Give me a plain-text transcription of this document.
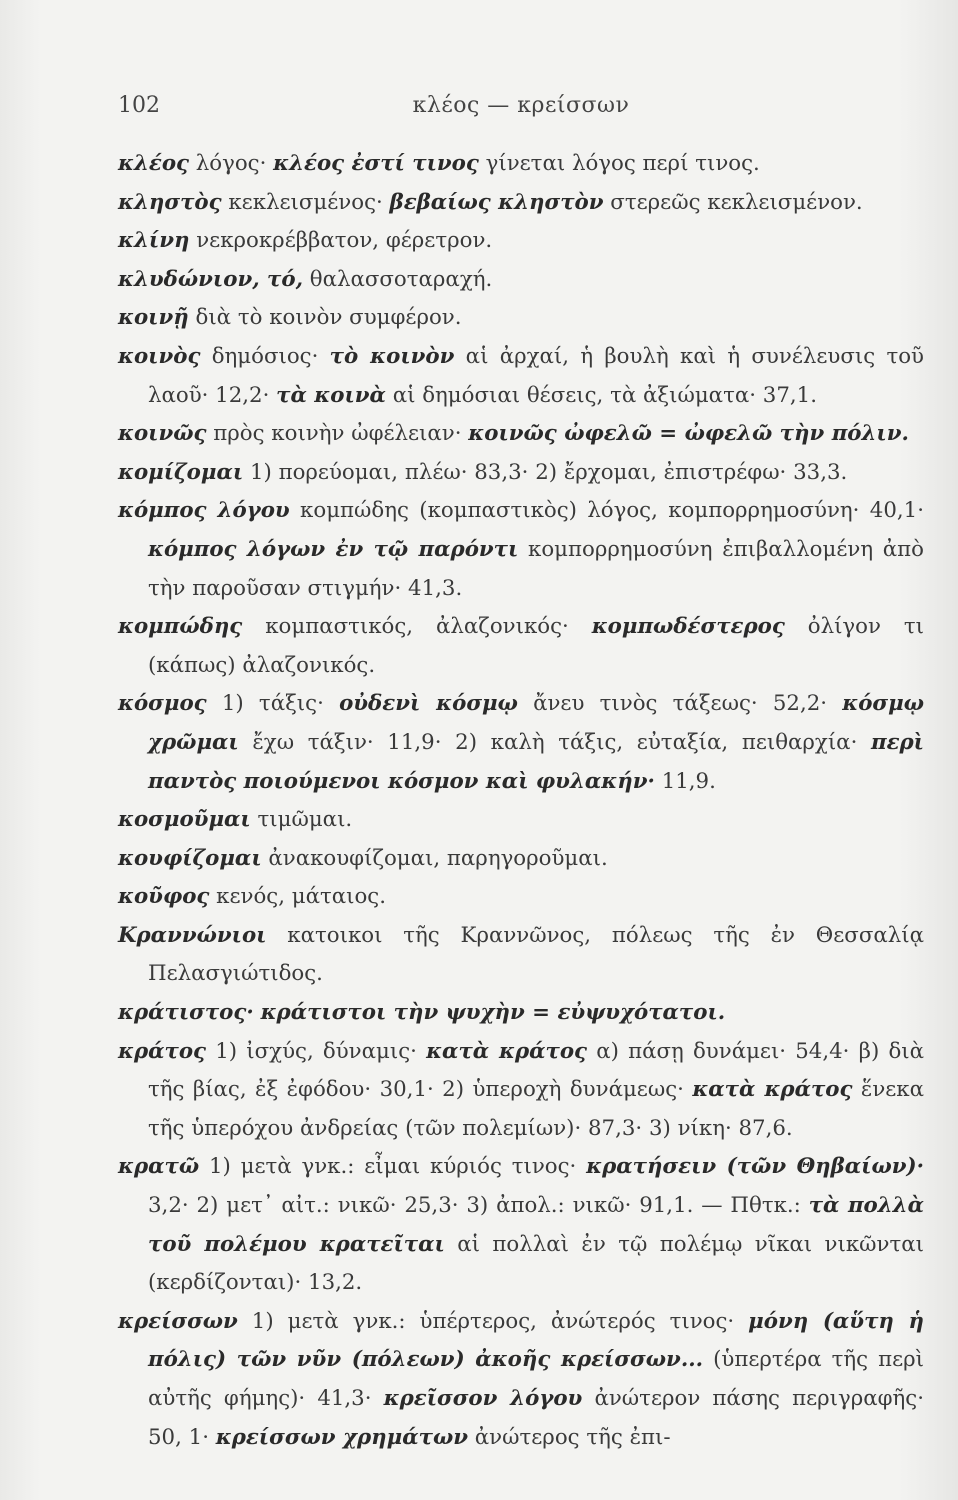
102	κλέος — κρείσσων

κλέος λόγος· κλέος ἐστί τινος γίνεται λόγος περί τινος.

κληστὸς κεκλεισμένος· βεβαίως κληστὸν στερεῶς κεκλεισμένον.

κλίνη νεκροκρέββατον, φέρετρον.

κλυδώνιον, τό, θαλασσοταραχή.

κοινῇ διὰ τὸ κοινὸν συμφέρον.

κοινὸς δημόσιος· τὸ κοινὸν αἱ ἀρχαί, ἡ βουλὴ καὶ ἡ συνέλευσις τοῦ λαοῦ· 12,2· τὰ κοινὰ αἱ δημόσιαι θέσεις, τὰ ἀξιώματα· 37,1.

κοινῶς πρὸς κοινὴν ὠφέλειαν· κοινῶς ὠφελῶ = ὠφελῶ τὴν πόλιν.

κομίζομαι 1) πορεύομαι, πλέω· 83,3· 2) ἔρχομαι, ἐπιστρέφω· 33,3.

κόμπος λόγου κομπώδης (κομπαστικὸς) λόγος, κομπορρημοσύνη· 40,1· κόμπος λόγων ἐν τῷ παρόντι κομπορρημοσύνη ἐπιβαλλομένη ἀπὸ τὴν παροῦσαν στιγμήν· 41,3.

κομπώδης κομπαστικός, ἀλαζονικός· κομπωδέστερος ὀλίγον τι (κάπως) ἀλαζονικός.

κόσμος 1) τάξις· οὐδενὶ κόσμῳ ἄνευ τινὸς τάξεως· 52,2· κόσμῳ χρῶμαι ἔχω τάξιν· 11,9· 2) καλὴ τάξις, εὐταξία, πειθαρχία· περὶ παντὸς ποιούμενοι κόσμον καὶ φυλακήν· 11,9.

κοσμοῦμαι τιμῶμαι.

κουφίζομαι ἀνακουφίζομαι, παρηγοροῦμαι.

κοῦφος κενός, μάταιος.

Κραννώνιοι κατοικοι τῆς Κραννῶνος, πόλεως τῆς ἐν Θεσσαλίᾳ Πελασγιώτιδος.

κράτιστος· κράτιστοι τὴν ψυχὴν = εὐψυχότατοι.

κράτος 1) ἰσχύς, δύναμις· κατὰ κράτος α) πάσῃ δυνάμει· 54,4· β) διὰ τῆς βίας, ἐξ ἐφόδου· 30,1· 2) ὑπεροχὴ δυνάμεως· κατὰ κράτος ἕνεκα τῆς ὑπερόχου ἀνδρείας (τῶν πολεμίων)· 87,3· 3) νίκη· 87,6.

κρατῶ 1) μετὰ γνκ.: εἶμαι κύριός τινος· κρατήσειν (τῶν Θηβαίων)· 3,2· 2) μετ᾽ αἰτ.: νικῶ· 25,3· 3) ἀπολ.: νικῶ· 91,1. — Πθτκ.: τὰ πολλὰ τοῦ πολέμου κρατεῖται αἱ πολλαὶ ἐν τῷ πολέμῳ νῖκαι νικῶνται (κερδίζονται)· 13,2.

κρείσσων 1) μετὰ γνκ.: ὑπέρτερος, ἀνώτερός τινος· μόνη (αὕτη ἡ πόλις) τῶν νῦν (πόλεων) ἀκοῆς κρείσσων... (ὑπερτέρα τῆς περὶ αὐτῆς φήμης)· 41,3· κρεῖσσον λόγου ἀνώτερον πάσης περιγραφῆς· 50, 1· κρείσσων χρημάτων ἀνώτερος τῆς ἐπι-
